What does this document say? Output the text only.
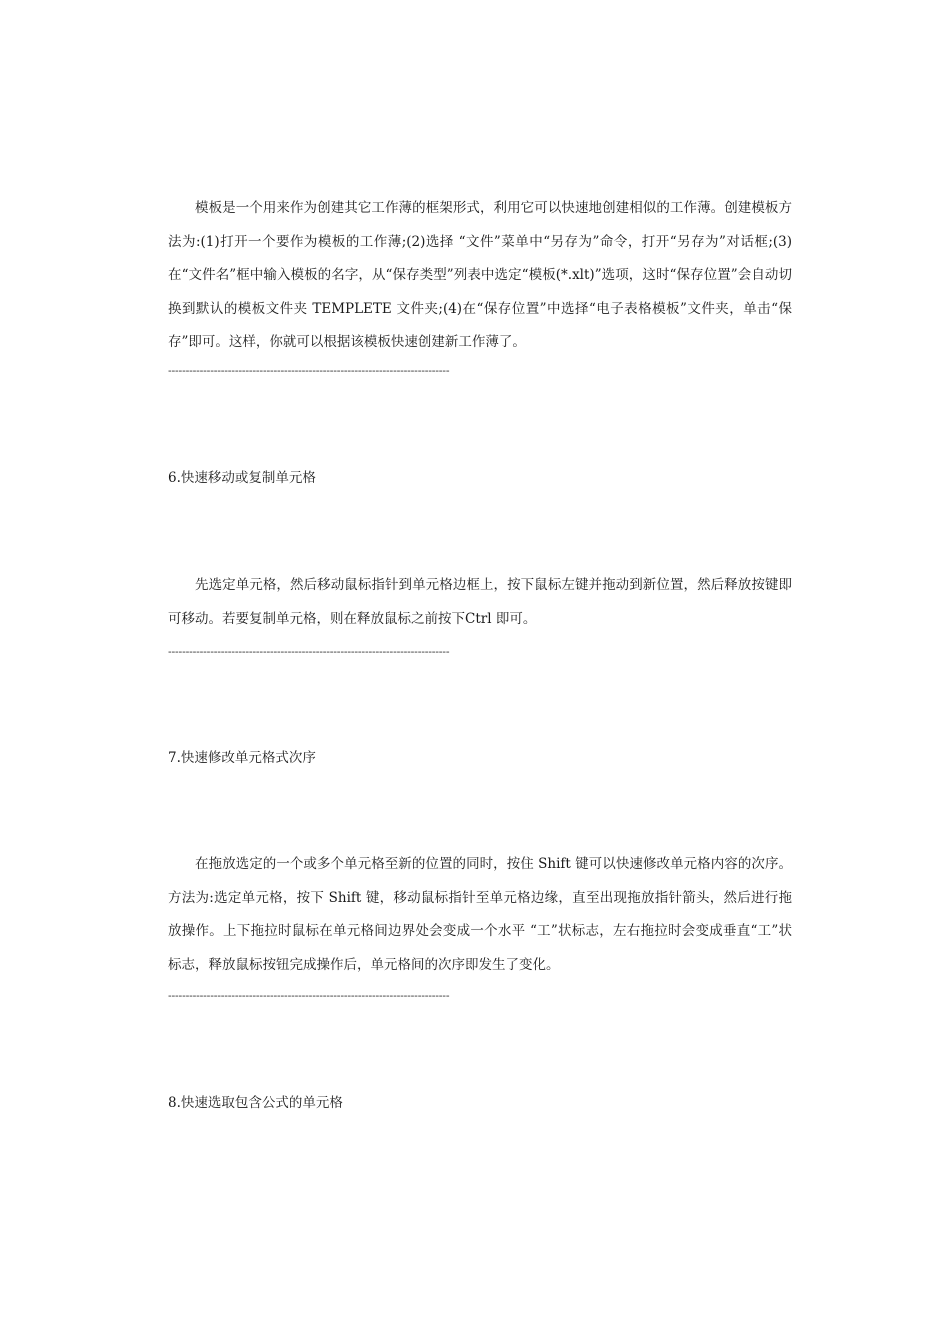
模板是一个用来作为创建其它工作薄的框架形式，利用它可以快速地创建相似的工作薄。创建模板方法为:(1)打开一个要作为模板的工作薄;(2)选择 “文件”菜单中“另存为”命令，打开“另存为”对话框;(3)在“文件名”框中输入模板的名字，从“保存类型”列表中选定“模板(*.xlt)”选项，这时“保存位置”会自动切换到默认的模板文件夹 TEMPLETE 文件夹;(4)在“保存位置”中选择“电子表格模板”文件夹，单击“保存”即可。这样，你就可以根据该模板快速创建新工作薄了。

--------------------------------------------------------------------------------
6.快速移动或复制单元格

先选定单元格，然后移动鼠标指针到单元格边框上，按下鼠标左键并拖动到新位置，然后释放按键即可移动。若要复制单元格，则在释放鼠标之前按下Ctrl 即可。

--------------------------------------------------------------------------------
7.快速修改单元格式次序

在拖放选定的一个或多个单元格至新的位置的同时，按住 Shift 键可以快速修改单元格内容的次序。方法为:选定单元格，按下 Shift 键，移动鼠标指针至单元格边缘，直至出现拖放指针箭头，然后进行拖放操作。上下拖拉时鼠标在单元格间边界处会变成一个水平 “工”状标志，左右拖拉时会变成垂直“工”状标志，释放鼠标按钮完成操作后，单元格间的次序即发生了变化。

--------------------------------------------------------------------------------
8.快速选取包含公式的单元格
